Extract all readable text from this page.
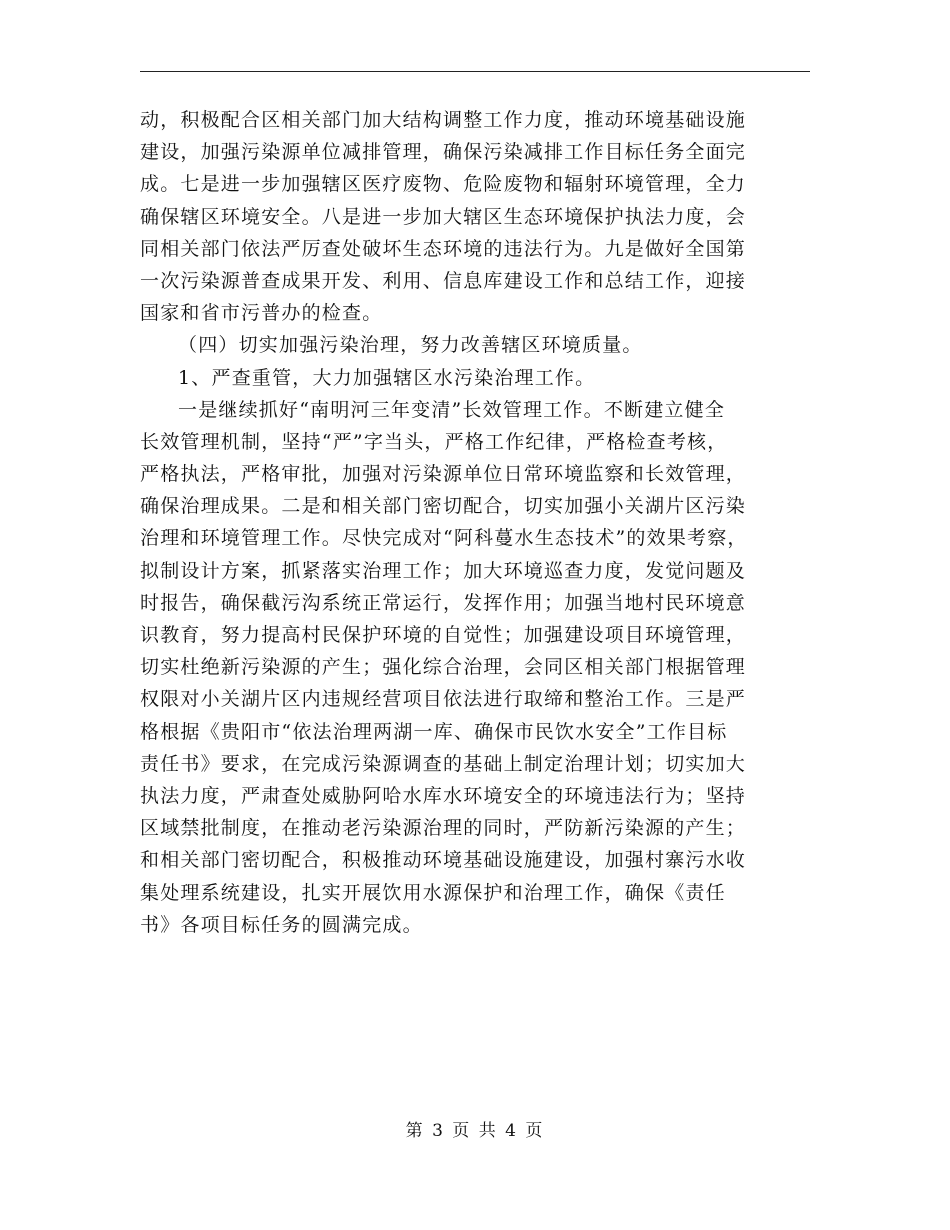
动，积极配合区相关部门加大结构调整工作力度，推动环境基础设施
建设，加强污染源单位减排管理，确保污染减排工作目标任务全面完
成。七是进一步加强辖区医疗废物、危险废物和辐射环境管理，全力
确保辖区环境安全。八是进一步加大辖区生态环境保护执法力度，会
同相关部门依法严厉查处破坏生态环境的违法行为。九是做好全国第
一次污染源普查成果开发、利用、信息库建设工作和总结工作，迎接
国家和省市污普办的检查。
（四）切实加强污染治理，努力改善辖区环境质量。
1、严查重管，大力加强辖区水污染治理工作。
一是继续抓好“南明河三年变清”长效管理工作。不断建立健全
长效管理机制，坚持“严”字当头，严格工作纪律，严格检查考核，
严格执法，严格审批，加强对污染源单位日常环境监察和长效管理，
确保治理成果。二是和相关部门密切配合，切实加强小关湖片区污染
治理和环境管理工作。尽快完成对“阿科蔓水生态技术”的效果考察，
拟制设计方案，抓紧落实治理工作；加大环境巡查力度，发觉问题及
时报告，确保截污沟系统正常运行，发挥作用；加强当地村民环境意
识教育，努力提高村民保护环境的自觉性；加强建设项目环境管理，
切实杜绝新污染源的产生；强化综合治理，会同区相关部门根据管理
权限对小关湖片区内违规经营项目依法进行取缔和整治工作。三是严
格根据《贵阳市“依法治理两湖一库、确保市民饮水安全”工作目标
责任书》要求，在完成污染源调查的基础上制定治理计划；切实加大
执法力度，严肃查处威胁阿哈水库水环境安全的环境违法行为；坚持
区域禁批制度，在推动老污染源治理的同时，严防新污染源的产生；
和相关部门密切配合，积极推动环境基础设施建设，加强村寨污水收
集处理系统建设，扎实开展饮用水源保护和治理工作，确保《责任
书》各项目标任务的圆满完成。
第 3 页 共 4 页
